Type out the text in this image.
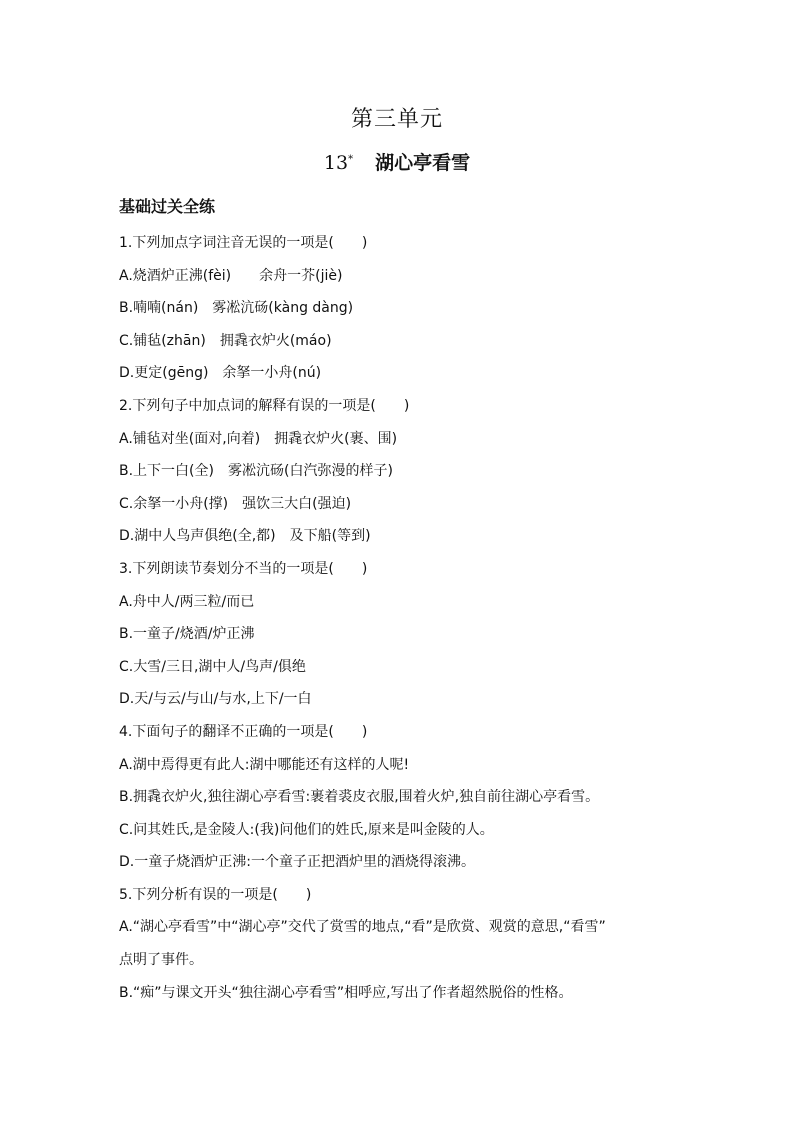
第三单元
13* 湖心亭看雪
基础过关全练
1.下列加点字词注音无误的一项是(　　)
A.烧酒炉正沸(fèi)　　余舟一芥(jiè)
B.喃喃(nán)　雾凇沆砀(kàng dàng)
C.铺毡(zhān)　拥毳衣炉火(máo)
D.更定(gēng)　余拏一小舟(nú)
2.下列句子中加点词的解释有误的一项是(　　)
A.铺毡对坐(面对,向着)　拥毳衣炉火(裹、围)
B.上下一白(全)　雾凇沆砀(白汽弥漫的样子)
C.余拏一小舟(撑)　强饮三大白(强迫)
D.湖中人鸟声俱绝(全,都)　及下船(等到)
3.下列朗读节奏划分不当的一项是(　　)
A.舟中人/两三粒/而已
B.一童子/烧酒/炉正沸
C.大雪/三日,湖中人/鸟声/俱绝
D.天/与云/与山/与水,上下/一白
4.下面句子的翻译不正确的一项是(　　)
A.湖中焉得更有此人:湖中哪能还有这样的人呢!
B.拥毳衣炉火,独往湖心亭看雪:裹着裘皮衣服,围着火炉,独自前往湖心亭看雪。
C.问其姓氏,是金陵人:(我)问他们的姓氏,原来是叫金陵的人。
D.一童子烧酒炉正沸:一个童子正把酒炉里的酒烧得滚沸。
5.下列分析有误的一项是(　　)
A.“湖心亭看雪”中“湖心亭”交代了赏雪的地点,“看”是欣赏、观赏的意思,“看雪”
点明了事件。
B.“痴”与课文开头“独往湖心亭看雪”相呼应,写出了作者超然脱俗的性格。
